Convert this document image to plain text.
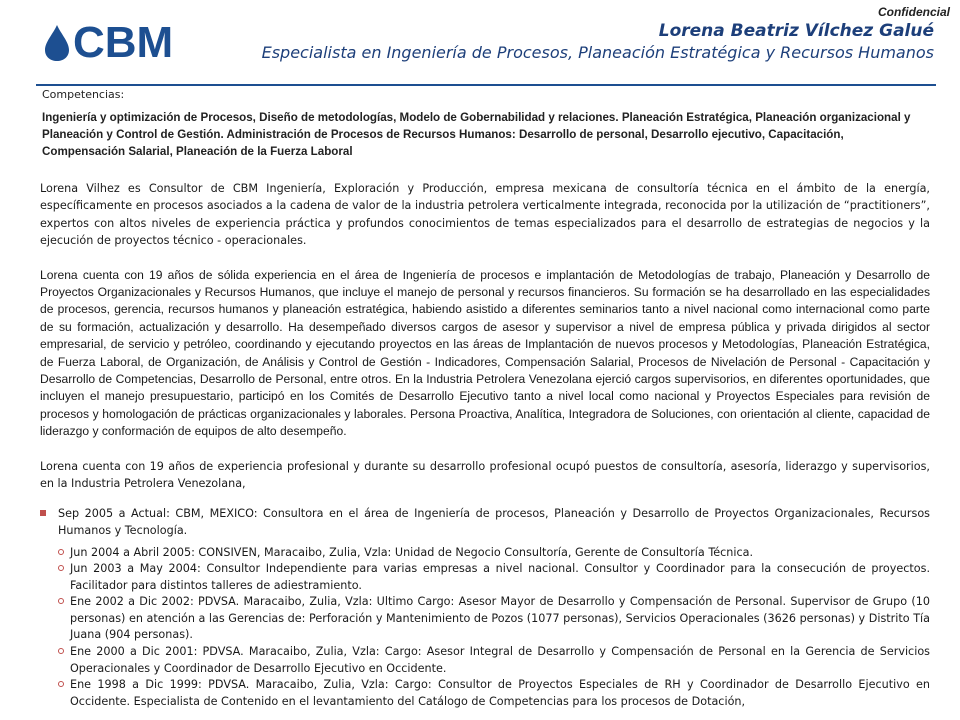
Confidencial
CBM	Lorena Beatriz Vílchez Galué
Especialista en Ingeniería de Procesos, Planeación Estratégica y Recursos Humanos
Competencias:
Ingeniería y optimización de Procesos, Diseño de metodologías, Modelo de Gobernabilidad y relaciones. Planeación Estratégica, Planeación organizacional y Planeación y Control de Gestión. Administración de Procesos de Recursos Humanos: Desarrollo de personal, Desarrollo ejecutivo, Capacitación, Compensación Salarial, Planeación de la Fuerza Laboral

Lorena Vilhez es Consultor de CBM Ingeniería, Exploración y Producción, empresa mexicana de consultoría técnica en el ámbito de la energía, específicamente en procesos asociados a la cadena de valor de la industria petrolera verticalmente integrada, reconocida por la utilización de “practitioners”, expertos con altos niveles de experiencia práctica y profundos conocimientos de temas especializados para el desarrollo de estrategias de negocios y la ejecución de proyectos técnico - operacionales.

Lorena cuenta con 19 años de sólida experiencia en el área de Ingeniería de procesos e implantación de Metodologías de trabajo, Planeación y Desarrollo de Proyectos Organizacionales y Recursos Humanos, que incluye el manejo de personal y recursos financieros. Su formación se ha desarrollado en las especialidades de procesos, gerencia, recursos humanos y planeación estratégica, habiendo asistido a diferentes seminarios tanto a nivel nacional como internacional como parte de su formación, actualización y desarrollo. Ha desempeñado diversos cargos de asesor y supervisor a nivel de empresa pública y privada dirigidos al sector empresarial, de servicio y petróleo, coordinando y ejecutando proyectos en las áreas de Implantación de nuevos procesos y Metodologías, Planeación Estratégica, de Fuerza Laboral, de Organización, de Análisis y Control de Gestión - Indicadores, Compensación Salarial, Procesos de Nivelación de Personal - Capacitación y Desarrollo de Competencias, Desarrollo de Personal, entre otros. En la Industria Petrolera Venezolana ejerció cargos supervisorios, en diferentes oportunidades, que incluyen el manejo presupuestario, participó en los Comités de Desarrollo Ejecutivo tanto a nivel local como nacional y Proyectos Especiales para revisión de procesos y homologación de prácticas organizacionales y laborales. Persona Proactiva, Analítica, Integradora de Soluciones, con orientación al cliente, capacidad de liderazgo y conformación de equipos de alto desempeño.

Lorena cuenta con 19 años de experiencia profesional y durante su desarrollo profesional ocupó puestos de consultoría, asesoría, liderazgo y supervisorios, en la Industria Petrolera Venezolana,

Sep 2005 a Actual: CBM, MEXICO: Consultora en el área de Ingeniería de procesos, Planeación y Desarrollo de Proyectos Organizacionales, Recursos Humanos y Tecnología.
Jun 2004 a Abril 2005: CONSIVEN, Maracaibo, Zulia, Vzla: Unidad de Negocio Consultoría, Gerente de Consultoría Técnica.
Jun 2003 a May 2004: Consultor Independiente para varias empresas a nivel nacional. Consultor y Coordinador para la consecución de proyectos. Facilitador para distintos talleres de adiestramiento.
Ene 2002 a Dic 2002: PDVSA. Maracaibo, Zulia, Vzla: Ultimo Cargo: Asesor Mayor de Desarrollo y Compensación de Personal. Supervisor de Grupo (10 personas) en atención a las Gerencias de: Perforación y Mantenimiento de Pozos (1077 personas), Servicios Operacionales (3626 personas) y Distrito Tía Juana (904 personas).
Ene 2000 a Dic 2001: PDVSA. Maracaibo, Zulia, Vzla: Cargo: Asesor Integral de Desarrollo y Compensación de Personal en la Gerencia de Servicios Operacionales y Coordinador de Desarrollo Ejecutivo en Occidente.
Ene 1998 a Dic 1999: PDVSA. Maracaibo, Zulia, Vzla: Cargo: Consultor de Proyectos Especiales de RH y Coordinador de Desarrollo Ejecutivo en Occidente. Especialista de Contenido en el levantamiento del Catálogo de Competencias para los procesos de Dotación,
